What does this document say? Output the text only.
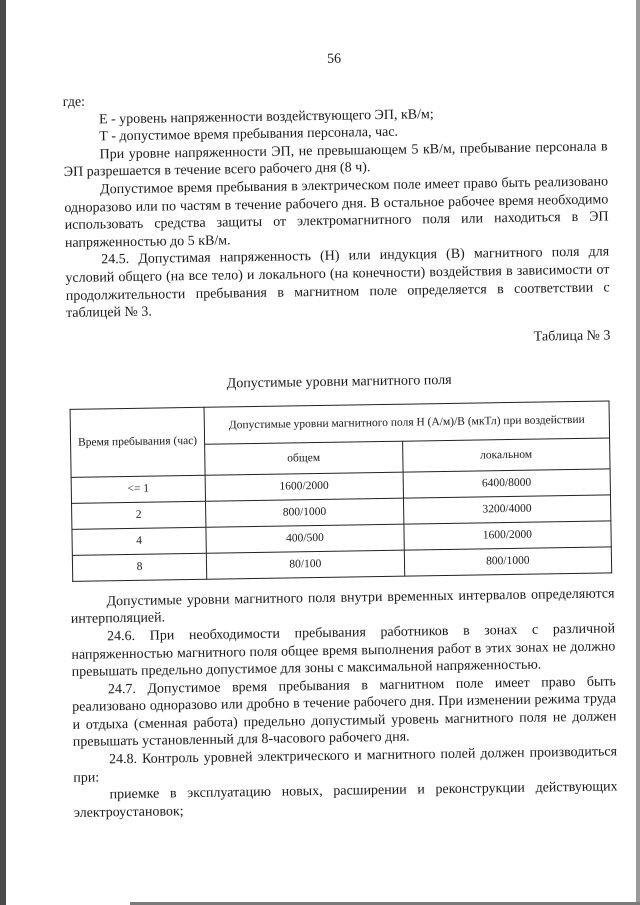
56

где:

Е - уровень напряженности воздействующего ЭП, кВ/м;

Т - допустимое время пребывания персонала, час.

При уровне напряженности ЭП, не превышающем 5 кВ/м, пребывание персонала в ЭП разрешается в течение всего рабочего дня (8 ч).

Допустимое время пребывания в электрическом поле имеет право быть реализовано одноразово или по частям в течение рабочего дня. В остальное рабочее время необходимо использовать средства защиты от электромагнитного поля или находиться в ЭП напряженностью до 5 кВ/м.

24.5. Допустимая напряженность (Н) или индукция (В) магнитного поля для условий общего (на все тело) и локального (на конечности) воздействия в зависимости от продолжительности пребывания в магнитном поле определяется в соответствии с таблицей № 3.

Таблица № 3
Допустимые уровни магнитного поля
Время пребывания (час)	Допустимые уровни магнитного поля Н (А/м)/В (мкТл) при воздействии	
	общем	локальном
<= 1	1600/2000	6400/8000
2	800/1000	3200/4000
4	400/500	1600/2000
8	80/100	800/1000

Допустимые уровни магнитного поля внутри временных интервалов определяются интерполяцией.

24.6. При необходимости пребывания работников в зонах с различной напряженностью магнитного поля общее время выполнения работ в этих зонах не должно превышать предельно допустимое для зоны с максимальной напряженностью.

24.7. Допустимое время пребывания в магнитном поле имеет право быть реализовано одноразово или дробно в течение рабочего дня. При изменении режима труда и отдыха (сменная работа) предельно допустимый уровень магнитного поля не должен превышать установленный для 8-часового рабочего дня.

24.8. Контроль уровней электрического и магнитного полей должен производиться при:

приемке в эксплуатацию новых, расширении и реконструкции действующих электроустановок;
